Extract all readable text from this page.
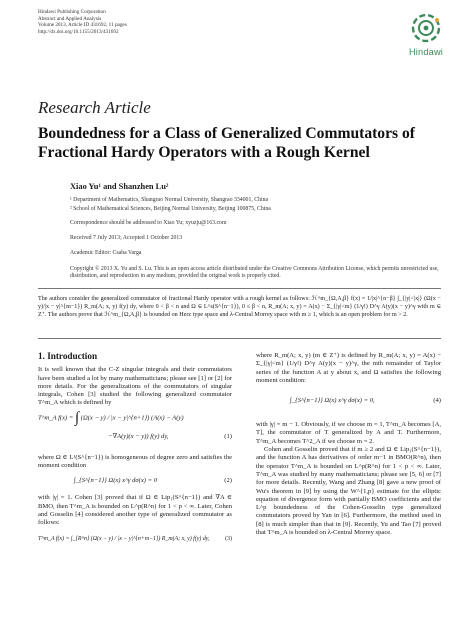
Hindawi Publishing Corporation
Abstract and Applied Analysis
Volume 2013, Article ID 431692, 11 pages
http://dx.doi.org/10.1155/2013/431692
Hindawi
Research Article
Boundedness for a Class of Generalized Commutators of Fractional Hardy Operators with a Rough Kernel
Xiao Yu¹ and Shanzhen Lu²
¹ Department of Mathematics, Shangrao Normal University, Shangrao 334001, China
² School of Mathematical Sciences, Beijing Normal University, Beijing 100875, China
Correspondence should be addressed to Xiao Yu; xyuzju@163.com
Received 7 July 2013; Accepted 1 October 2013
Academic Editor: Csaba Varga
Copyright © 2013 X. Yu and S. Lu. This is an open access article distributed under the Creative Commons Attribution License, which permits unrestricted use, distribution, and reproduction in any medium, provided the original work is properly cited.
The authors consider the generalized commutator of fractional Hardy operator with a rough kernel as follows: ℋ^m_{Ω,A,β} f(x) = 1/|x|^{n−β} ∫_{|y|<|x|} (Ω(x − y)/|x − y|^{m−1}) R_m(A; x, y) f(y) dy, where 0 < β < n and Ω ∈ L^s(S^{n−1}), 0 ≤ β < n, R_m(A; x, y) = A(x) − Σ_{|γ|<m} (1/γ!) D^γ A(y)(x − y)^γ with m ∈ Z⁺. The authors prove that ℋ^m_{Ω,A,β} is bounded on Herz type space and λ-Central Morrey space with m ≥ 1, which is an open problem for m > 2.
1. Introduction

It is well known that the C-Z singular integrals and their commutators have been studied a lot by many mathematicians; please see [1] or [2] for more details. For the generalizations of the commutators of singular integrals, Cohen [3] studied the following generalized commutator T^m_A which is defined by

T^m_A f(x) = ∫ (Ω(x − y) / |x − y|^{n+1}) (A(x) − A(y)
−∇A(y)(x − y)) f(y) dy,	(1)

where Ω ∈ L¹(S^{n−1}) is homogeneous of degree zero and satisfies the moment condition

∫_{S^{n−1}} Ω(x) x^γ dσ(x) = 0	(2)

with |γ| = 1. Cohen [3] proved that if Ω ∈ Lip₁(S^{n−1}) and ∇A ∈ BMO, then T^m_A is bounded on L^p(R^n) for 1 < p < ∞. Later, Cohen and Gosselin [4] considered another type of generalized commutator as follows:

T^m_A f(x) = ∫_{R^n} (Ω(x − y) / |x − y|^{n+m−1}) R_m(A; x, y) f(y) dy,	(3)

where R_m(A; x, y) (m ∈ Z⁺) is defined by R_m(A; x, y) = A(x) − Σ_{|γ|<m} (1/γ!) D^γ A(y)(x − y)^γ, the mth remainder of Taylor series of the function A at y about x, and Ω satisfies the following moment condition:

∫_{S^{n−1}} Ω(x) x^γ dσ(x) = 0,	(4)

with |γ| = m − 1. Obviously, if we choose m = 1, T^m_A becomes [A, T], the commutator of T generalized by A and T. Furthermore, T^m_A becomes T^2_A if we choose m = 2.

Cohen and Gosselin proved that if m ≥ 2 and Ω ∈ Lip₁(S^{n−1}), and the function A has derivatives of order m−1 in BMO(R^n), then the operator T^m_A is bounded on L^p(R^n) for 1 < p < ∞. Later, T^m_A was studied by many mathematicians; please see [5, 6] or [7] for more details. Recently, Wang and Zhang [8] gave a new proof of Wu's theorem in [9] by using the W^{1,p} estimate for the elliptic equation of divergence form with partially BMO coefficients and the L^p boundedness of the Cohen-Gosselin type generalized commutators proved by Yan in [6]. Furthermore, the method used in [8] is much simpler than that in [9]. Recently, Yu and Tao [7] proved that T^m_A is bounded on λ-Central Morrey space.
